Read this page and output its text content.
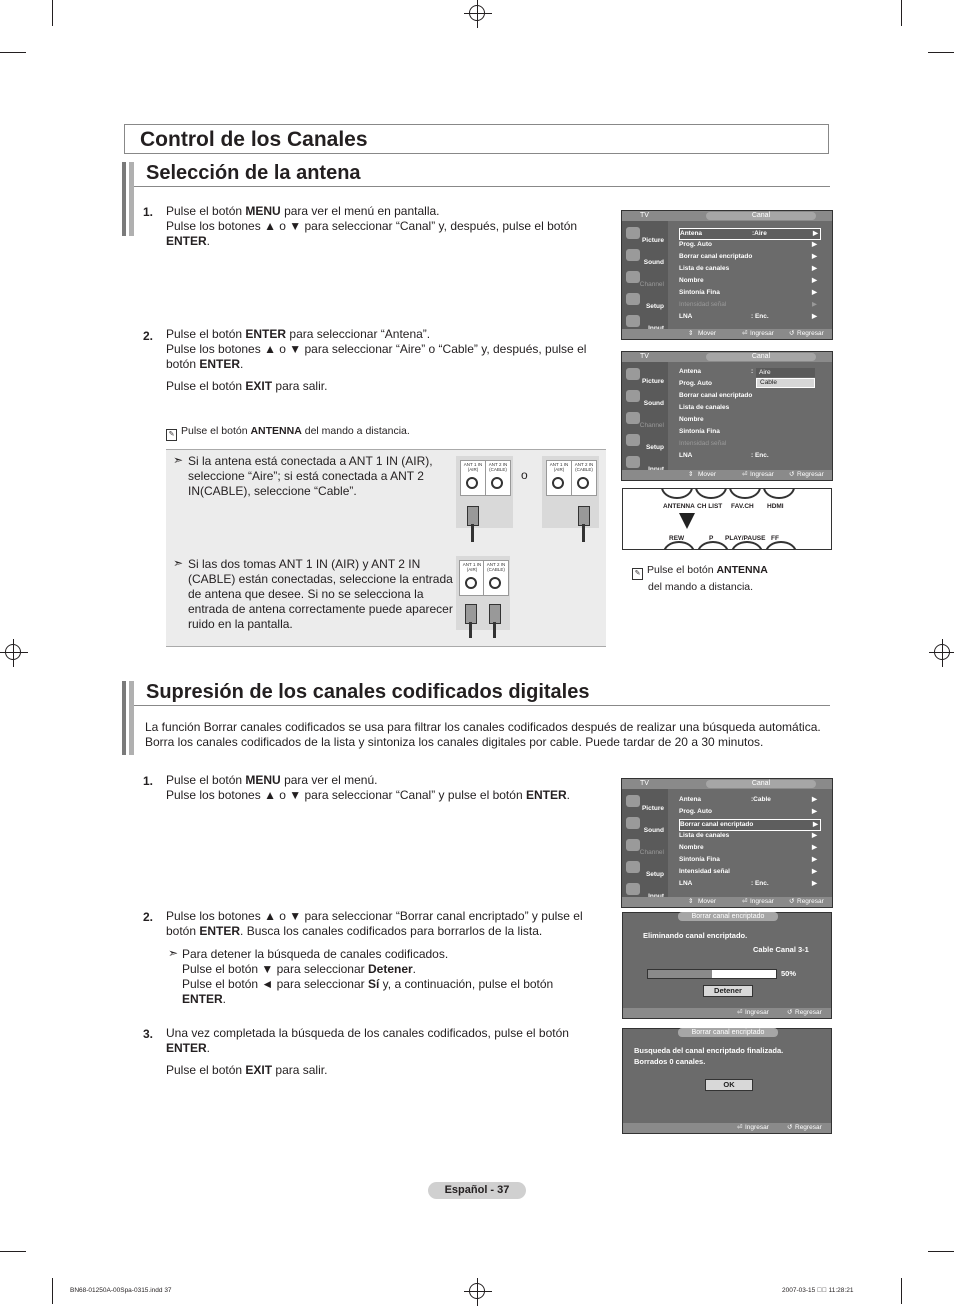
Control de los Canales
Selección de la antena
1. Pulse el botón MENU para ver el menú en pantalla.
Pulse los botones ▲ o ▼ para seleccionar “Canal” y, después, pulse el botón ENTER.
2. Pulse el botón ENTER para seleccionar “Antena”.
Pulse los botones ▲ o ▼ para seleccionar “Aire” o “Cable” y, después, pulse el botón ENTER.
Pulse el botón EXIT para salir.
✎ Pulse el botón ANTENNA del mando a distancia.
➣ Si la antena está conectada a ANT 1 IN (AIR), seleccione “Aire”; si está conectada a ANT 2 IN(CABLE), seleccione “Cable”.
➣ Si las dos tomas ANT 1 IN (AIR) y ANT 2 IN (CABLE) están conectadas, seleccione la entrada de antena que desee. Si no se selecciona la entrada de antena correctamente puede aparecer ruido en la pantalla.
ANT 1 IN (AIR)
ANT 2 IN (CABLE) o
ANT 1 IN (AIR)
ANT 2 IN (CABLE)
ANT 1 IN (AIR)
ANT 2 IN (CABLE)
TV	Canal
Picture
Sound
Channel
Setup
Antena	:Aire	▶
Prog. Auto	▶
Borrar canal encriptado	▶
Lista de canales	▶
Nombre	▶
Sintonía Fina	▶
Intensidad señal	▶
LNA	: Enc.	▶
⇕ Mover	⏎ Ingresar ↺ Regresar
TV	Canal
Picture
Sound
Channel
Setup
Antena	: Aire
Cable
Prog. Auto
Borrar canal encriptado
Lista de canales
Nombre
Sintonía Fina
Intensidad señal
LNA	: Enc.
⇕ Mover	⏎ Ingresar ↺ Regresar
ANTENNA CH LIST FAV.CH HDMI
REW	P PLAY/PAUSE FF
✎ Pulse el botón ANTENNA
del mando a distancia.
Supresión de los canales codificados digitales
La función Borrar canales codificados se usa para filtrar los canales codificados después de realizar una búsqueda automática. Borra los canales codificados de la lista y sintoniza los canales digitales por cable. Puede tardar de 20 a 30 minutos.
1. Pulse el botón MENU para ver el menú.
Pulse los botones ▲ o ▼ para seleccionar “Canal” y pulse el botón ENTER.
2. Pulse los botones ▲ o ▼ para seleccionar “Borrar canal encriptado” y pulse el botón ENTER. Busca los canales codificados para borrarlos de la lista.
➣ Para detener la búsqueda de canales codificados.
Pulse el botón ▼ para seleccionar Detener.
Pulse el botón ◄ para seleccionar Sí y, a continuación, pulse el botón
ENTER.
3. Una vez completada la búsqueda de los canales codificados, pulse el botón ENTER.
Pulse el botón EXIT para salir.
TV	Canal
Picture
Sound
Channel
Setup
Antena	:Cable	▶
Prog. Auto	▶
Borrar canal encriptado	▶
Lista de canales	▶
Nombre	▶
Sintonía Fina	▶
Intensidad señal	▶
LNA	: Enc.	▶
⇕ Mover	⏎ Ingresar ↺ Regresar
Borrar canal encriptado
Eliminando canal encriptado.
Cable Canal 3-1
50%
Detener
⏎ Ingresar	↺ Regresar
Borrar canal encriptado
Busqueda del canal encriptado finalizada.
Borrados 0 canales.
OK
⏎ Ingresar	↺ Regresar
Español - 37
BN68-01250A-00Spa-0315.indd 37	2007-03-15 ￿￿ 11:28:21
